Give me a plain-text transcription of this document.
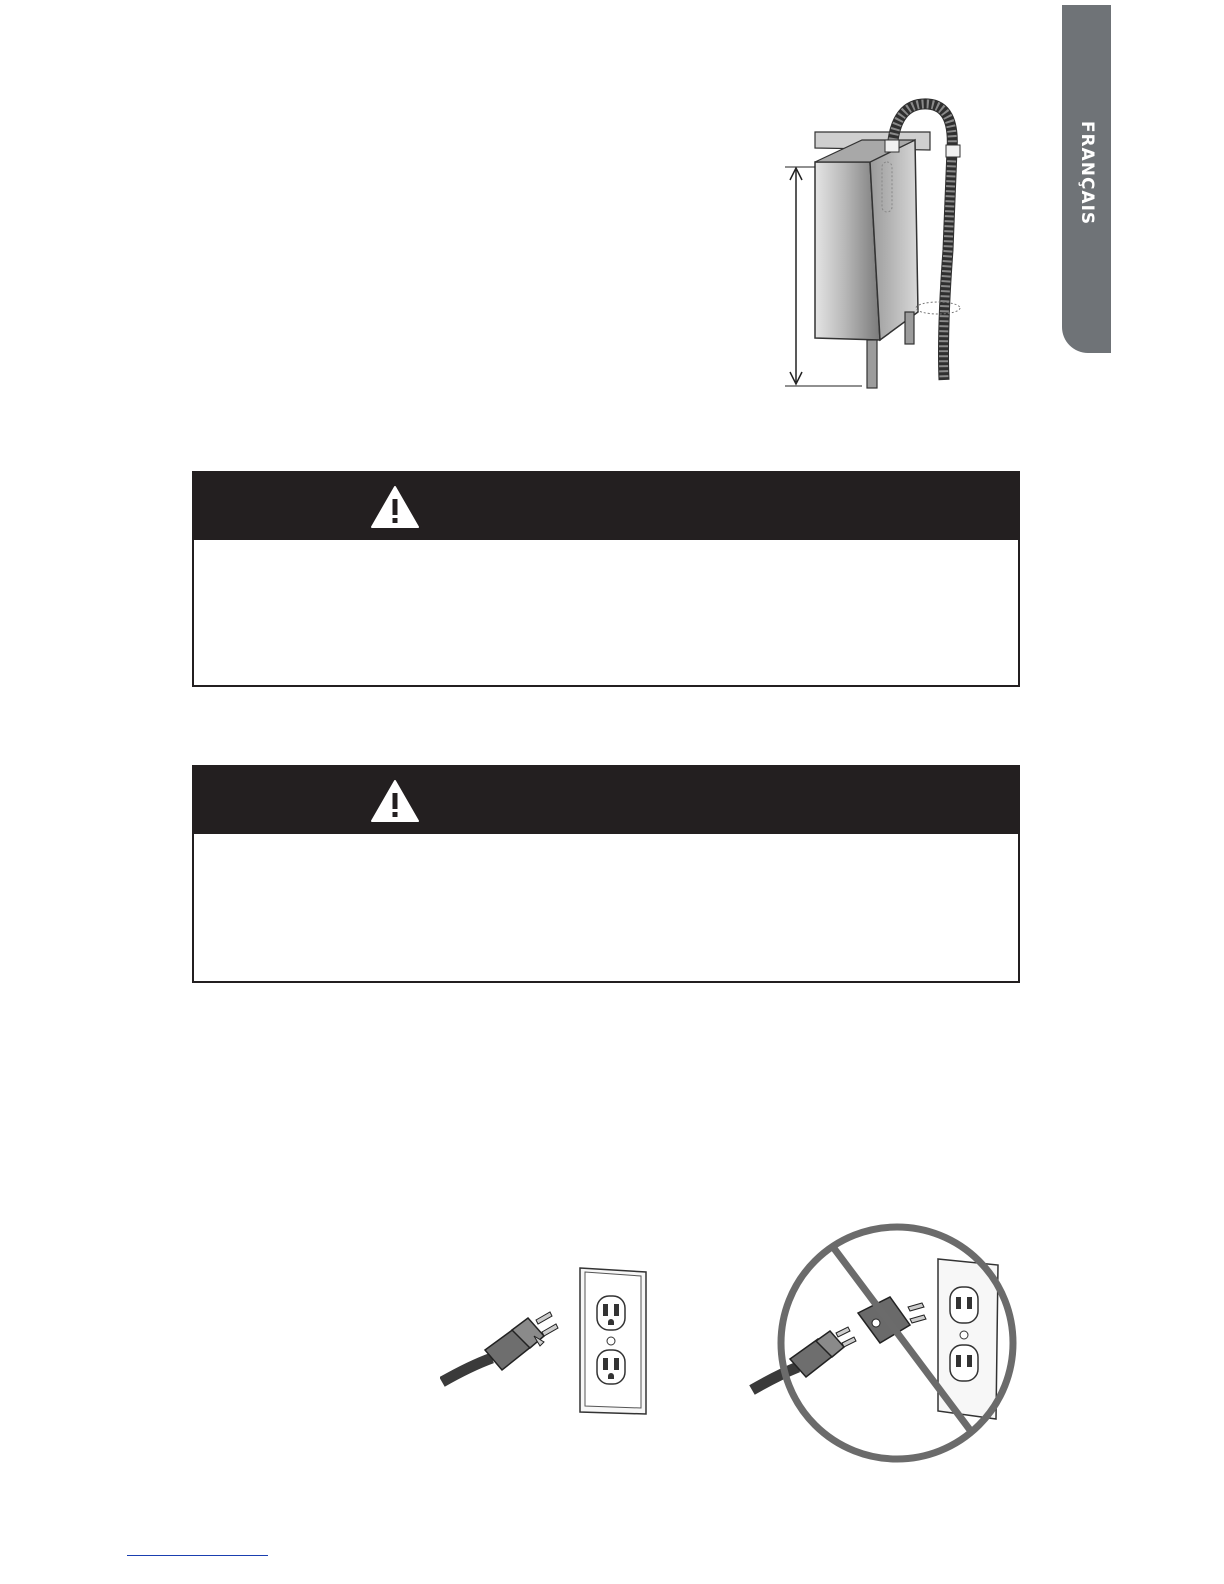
FRANÇAIS
